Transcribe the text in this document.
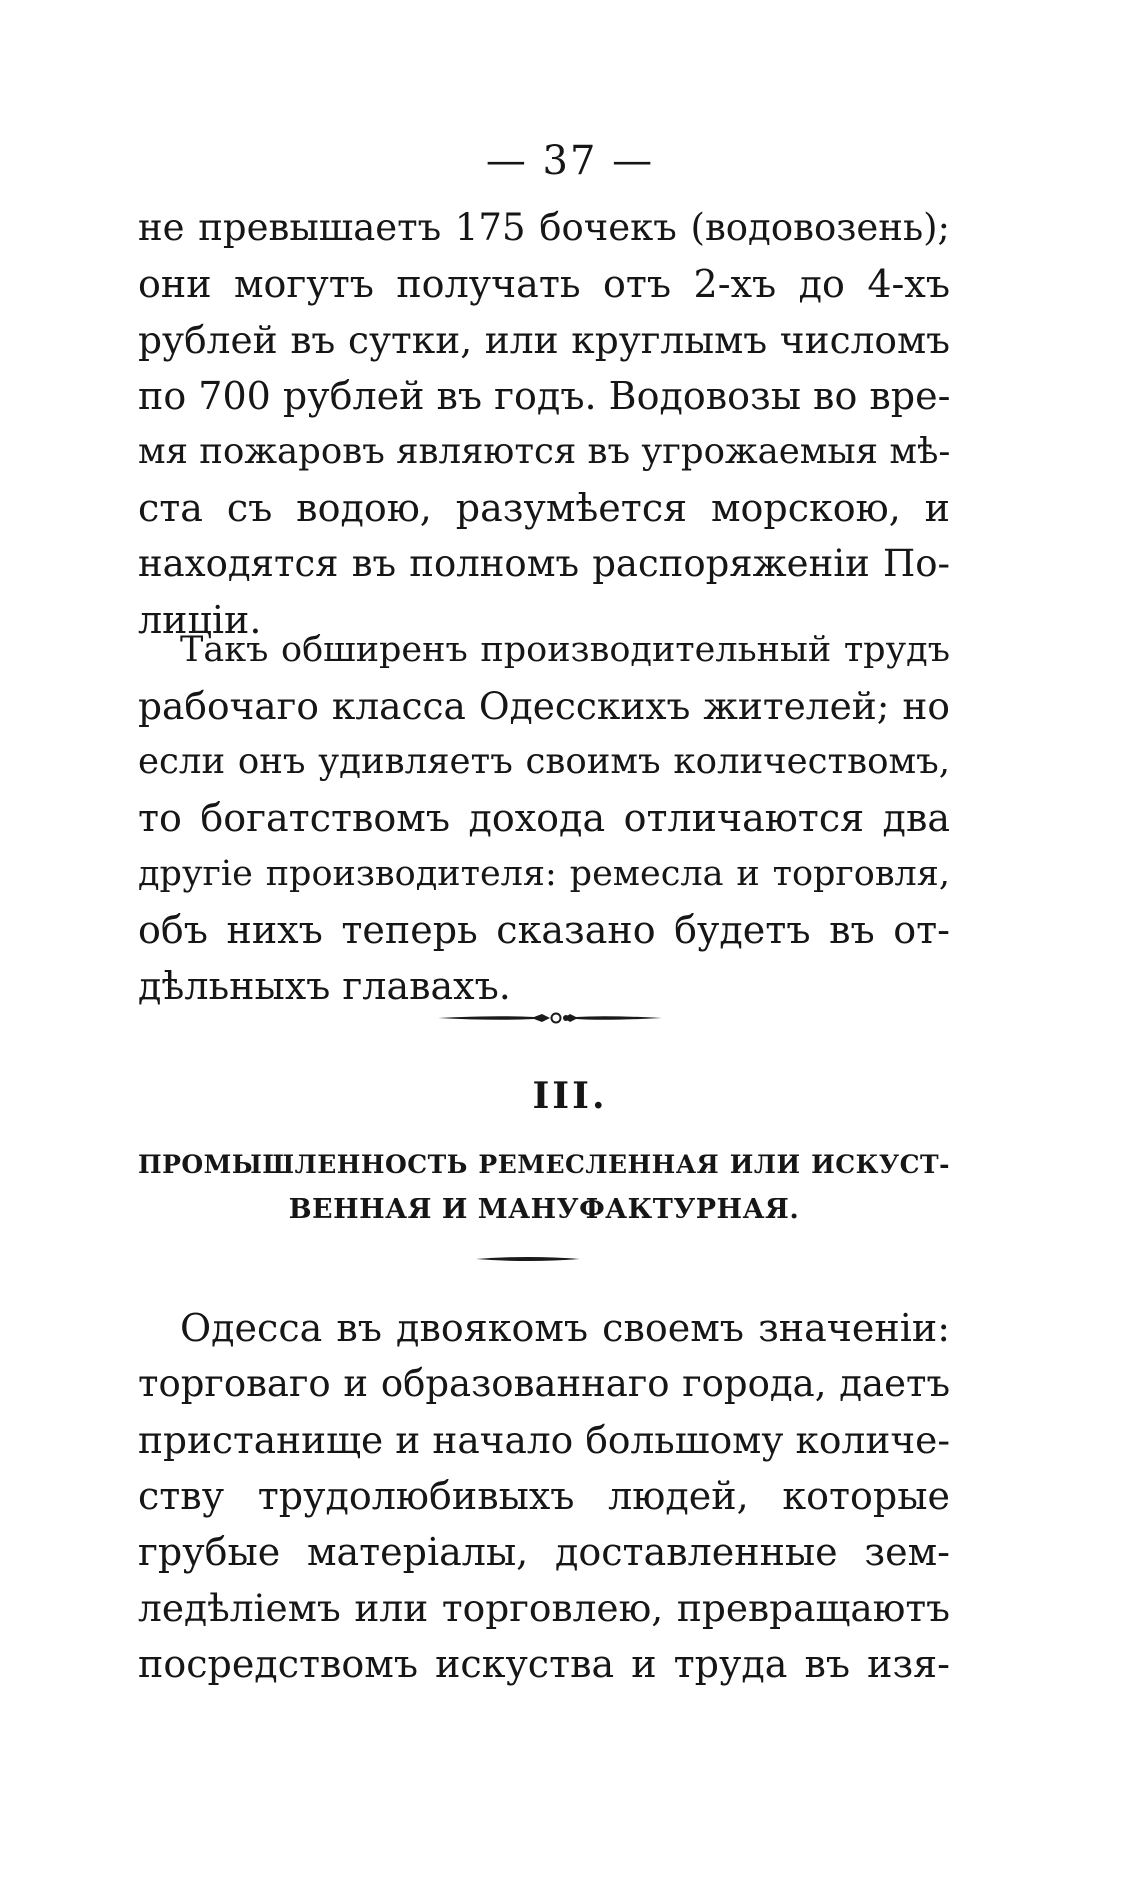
— 37 —
не превышаетъ 175 бочекъ (водовозень);
они могутъ получать отъ 2-хъ до 4-хъ
рублей въ сутки, или круглымъ числомъ
по 700 рублей въ годъ. Водовозы во вре-
мя пожаровъ являются въ угрожаемыя мѣ-
ста съ водою, разумѣется морскою, и
находятся въ полномъ распоряженіи По-
лиціи.
Такъ обширенъ производительный трудъ
рабочаго класса Одесскихъ жителей; но
если онъ удивляетъ своимъ количествомъ,
то богатствомъ дохода отличаются два
другіе производителя: ремесла и торговля,
объ нихъ теперь сказано будетъ въ от-
дѣльныхъ главахъ.
III.
ПРОМЫШЛЕННОСТЬ РЕМЕСЛЕННАЯ ИЛИ ИСКУСТ-
ВЕННАЯ И МАНУФАКТУРНАЯ.
Одесса въ двоякомъ своемъ значеніи:
торговаго и образованнаго города, даетъ
пристанище и начало большому количе-
ству трудолюбивыхъ людей, которые
грубые матеріалы, доставленные зем-
ледѣліемъ или торговлею, превращаютъ
посредствомъ искуства и труда въ изя-
